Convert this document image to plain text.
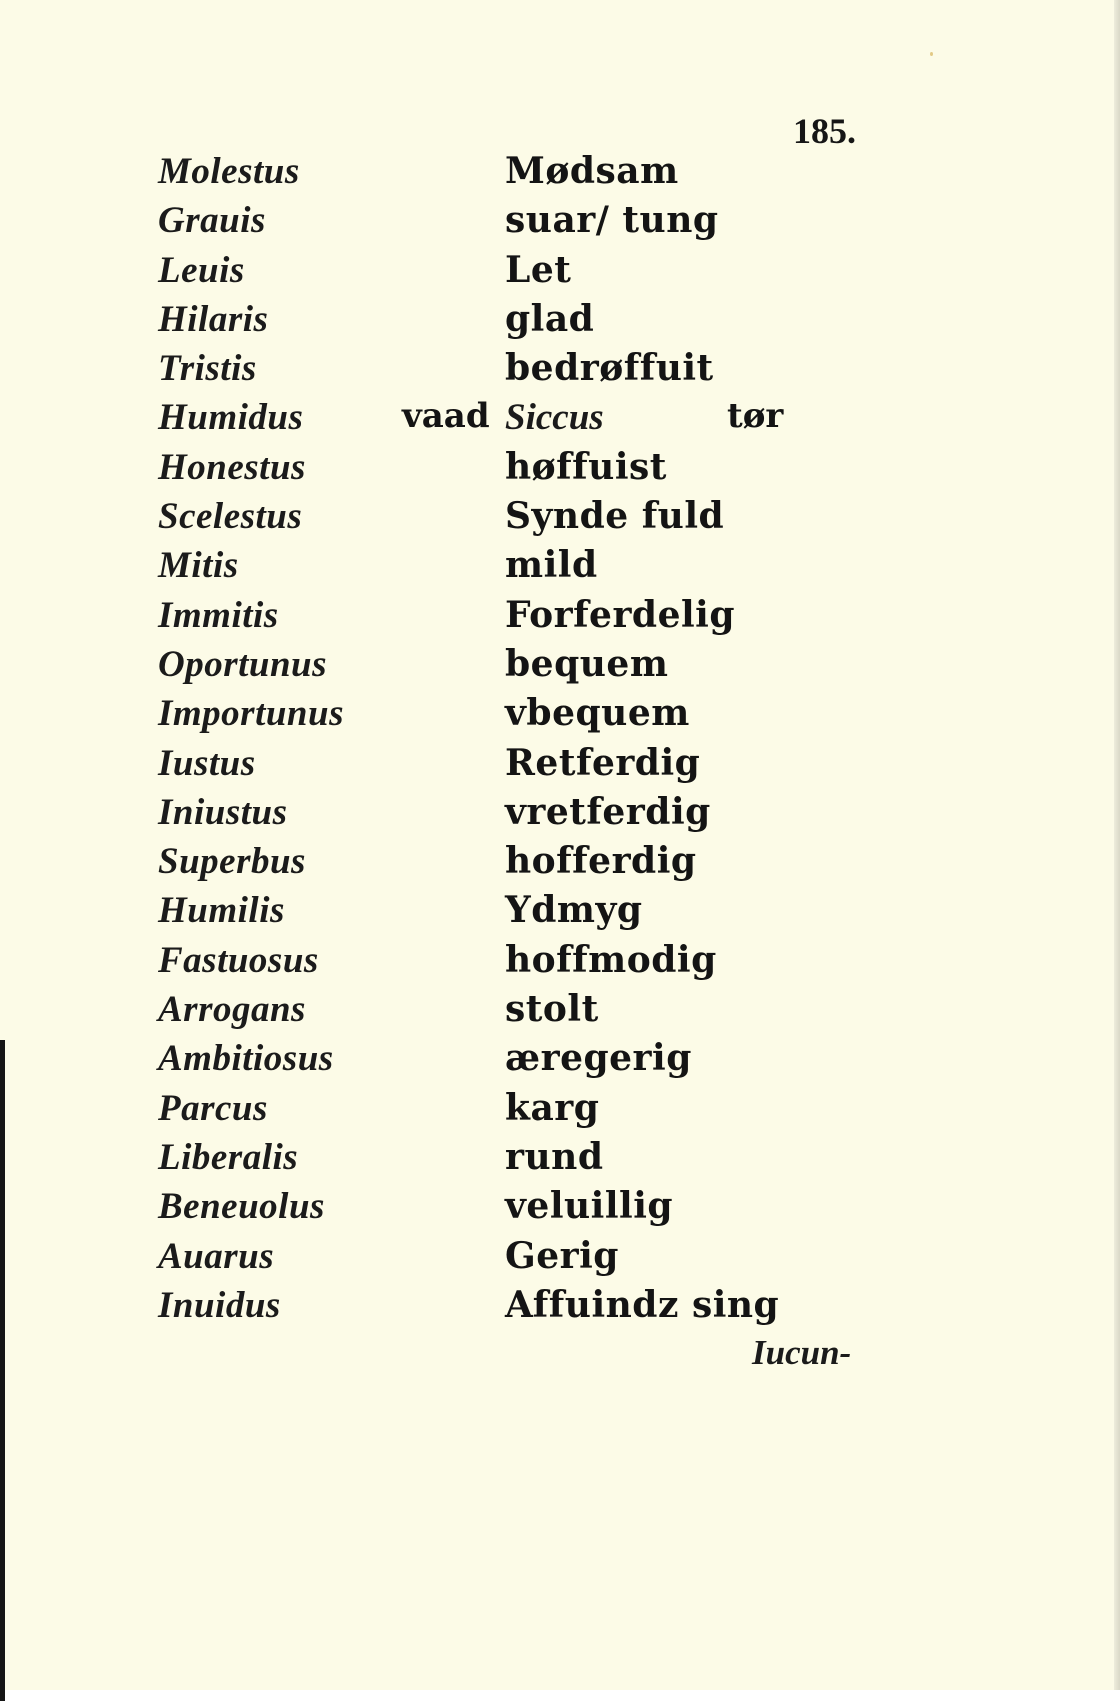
185.
Molestus	Mødsam
Grauis	suar/ tung
Leuis	Let
Hilaris	glad
Tristis	bedrøffuit
Humidus	vaad Siccus	tør
Honestus	høffuist
Scelestus	Synde fuld
Mitis	mild
Immitis	Forferdelig
Oportunus	bequem
Importunus	vbequem
Iustus	Retferdig
Iniustus	vretferdig
Superbus	hofferdig
Humilis	Ydmyg
Fastuosus	hoffmodig
Arrogans	stolt
Ambitiosus	æregerig
Parcus	karg
Liberalis	rund
Beneuolus	veluillig
Auarus	Gerig
Inuidus	Affuindz sing
Iucun-
